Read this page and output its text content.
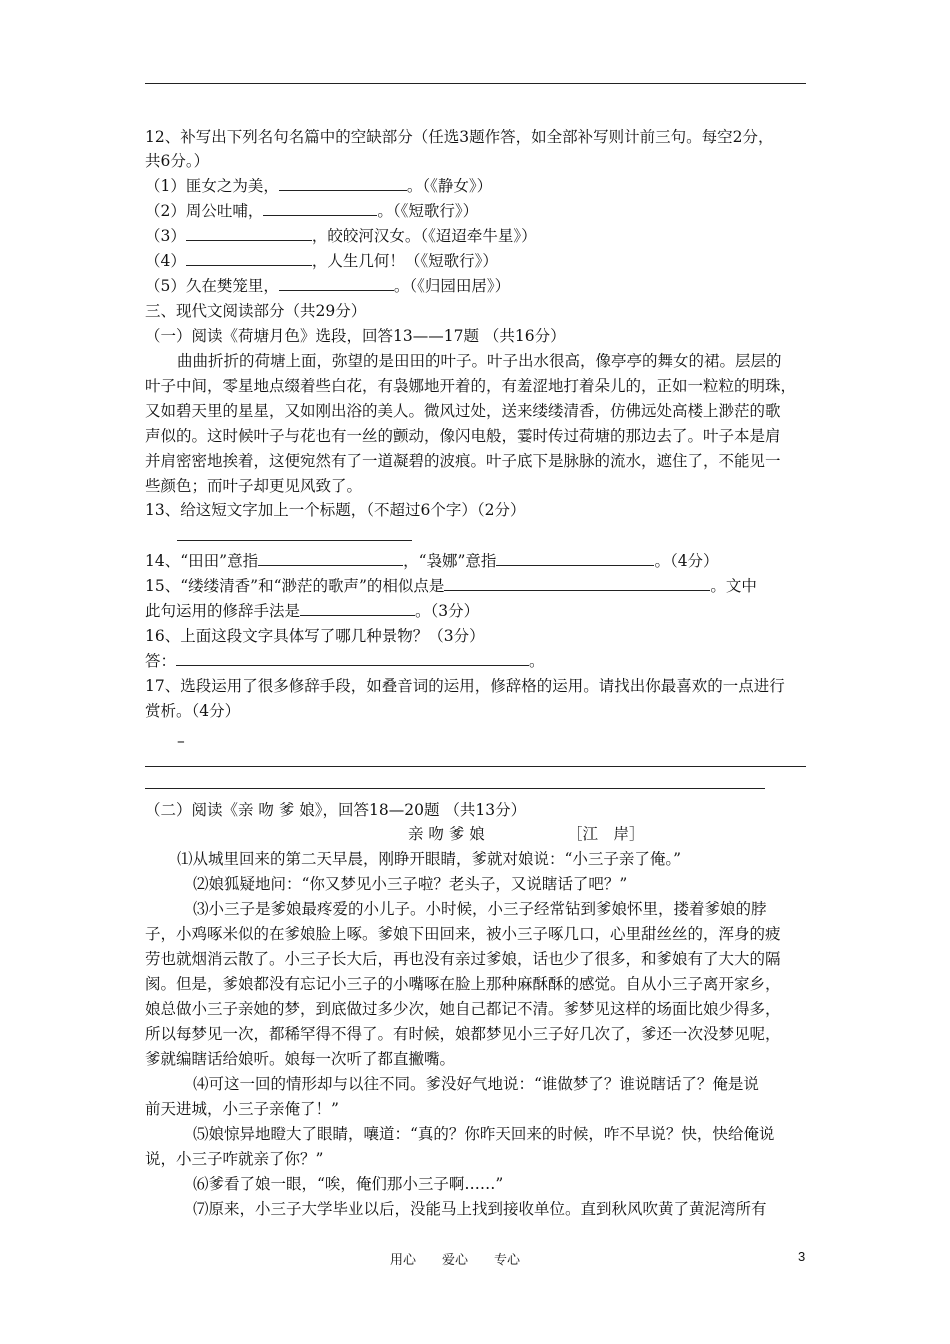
12、补写出下列名句名篇中的空缺部分（任选3题作答，如全部补写则计前三句。每空2分，
共6分。）
（1）匪女之为美，	。（《静女》）
（2）周公吐哺，	。（《短歌行》）
（3）	，皎皎河汉女。（《迢迢牵牛星》）
（4）	，人生几何！（《短歌行》）
（5）久在樊笼里，	。（《归园田居》）
三、现代文阅读部分（共29分）
（一）阅读《荷塘月色》选段，回答13——17题 （共16分）
曲曲折折的荷塘上面，弥望的是田田的叶子。叶子出水很高，像亭亭的舞女的裙。层层的
叶子中间，零星地点缀着些白花，有袅娜地开着的，有羞涩地打着朵儿的，正如一粒粒的明珠，
又如碧天里的星星，又如刚出浴的美人。微风过处，送来缕缕清香，仿佛远处高楼上渺茫的歌
声似的。这时候叶子与花也有一丝的颤动，像闪电般，霎时传过荷塘的那边去了。叶子本是肩
并肩密密地挨着，这便宛然有了一道凝碧的波痕。叶子底下是脉脉的流水，遮住了，不能见一
些颜色；而叶子却更见风致了。
13、给这短文字加上一个标题，（不超过6个字）（2分）
14、“田田”意指	，“袅娜”意指	。（4分）
15、“缕缕清香”和“渺茫的歌声”的相似点是	。文中
此句运用的修辞手法是	。（3分）
16、上面这段文字具体写了哪几种景物？（3分）
答：	。
17、选段运用了很多修辞手段，如叠音词的运用，修辞格的运用。请找出你最喜欢的一点进行
赏析。（4分）
–
（二）阅读《亲 吻 爹 娘》，回答18—20题 （共13分）
亲 吻 爹 娘	［江　岸］
⑴从城里回来的第二天早晨，刚睁开眼睛，爹就对娘说：“小三子亲了俺。”
⑵娘狐疑地问：“你又梦见小三子啦？老头子，又说瞎话了吧？”
⑶小三子是爹娘最疼爱的小儿子。小时候，小三子经常钻到爹娘怀里，搂着爹娘的脖
子，小鸡啄米似的在爹娘脸上啄。爹娘下田回来，被小三子啄几口，心里甜丝丝的，浑身的疲
劳也就烟消云散了。小三子长大后，再也没有亲过爹娘，话也少了很多，和爹娘有了大大的隔
阂。但是，爹娘都没有忘记小三子的小嘴啄在脸上那种麻酥酥的感觉。自从小三子离开家乡，
娘总做小三子亲她的梦，到底做过多少次，她自己都记不清。爹梦见这样的场面比娘少得多，
所以每梦见一次，都稀罕得不得了。有时候，娘都梦见小三子好几次了，爹还一次没梦见呢，
爹就编瞎话给娘听。娘每一次听了都直撇嘴。
⑷可这一回的情形却与以往不同。爹没好气地说：“谁做梦了？谁说瞎话了？俺是说
前天进城，小三子亲俺了！”
⑸娘惊异地瞪大了眼睛，嚷道：“真的？你昨天回来的时候，咋不早说？快，快给俺说
说，小三子咋就亲了你？”
⑹爹看了娘一眼，“唉，俺们那小三子啊……”
⑺原来，小三子大学毕业以后，没能马上找到接收单位。直到秋风吹黄了黄泥湾所有
用心　　爱心　　专心	3
